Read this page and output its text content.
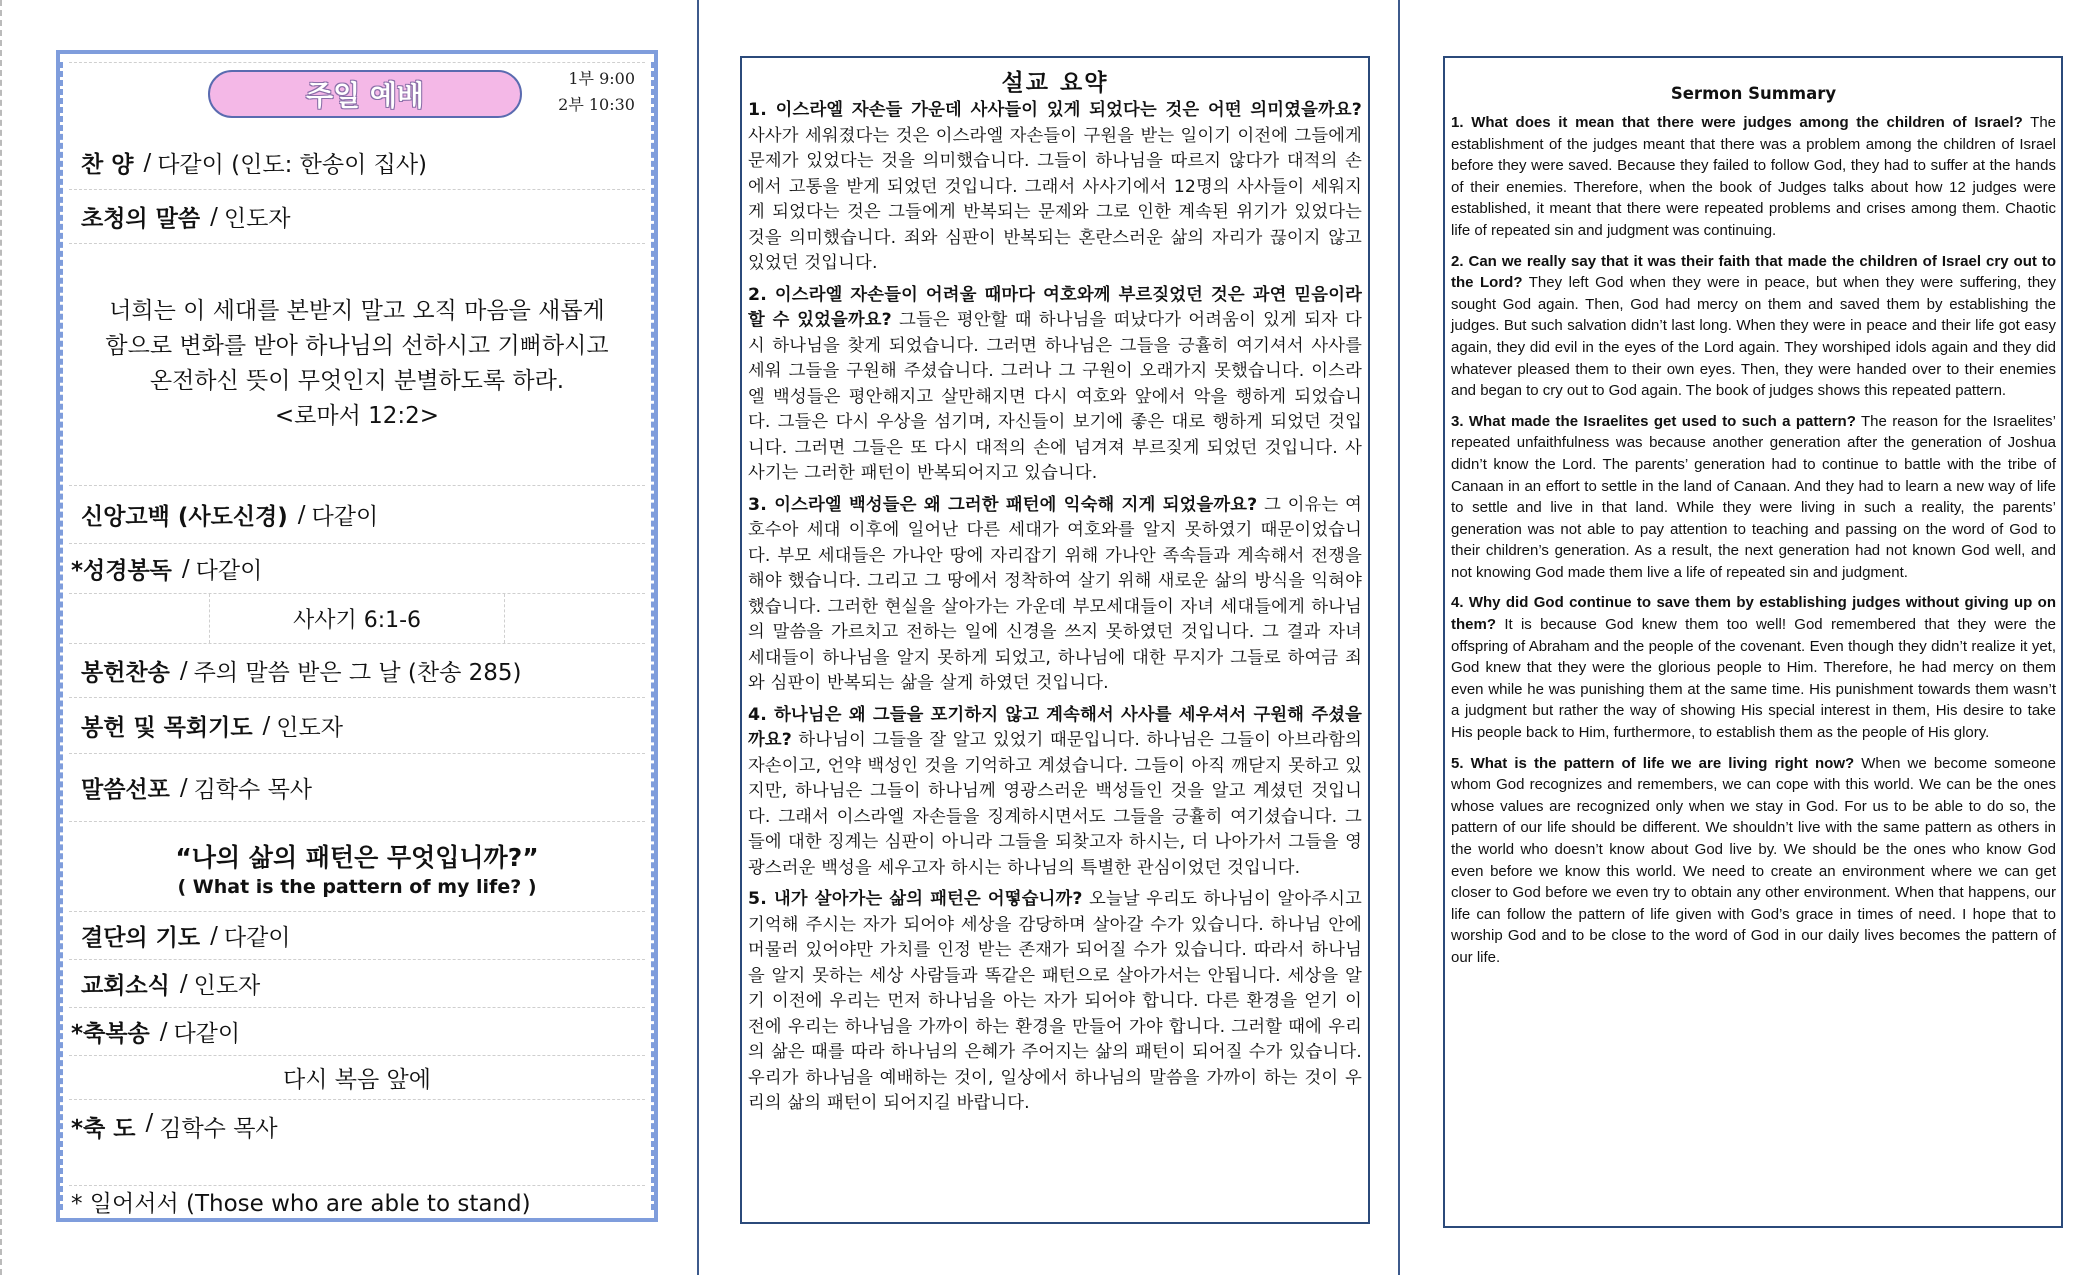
주일 예배
1부 9:00
2부 10:30
찬 양 / 다같이 (인도: 한송이 집사)
초청의 말씀 / 인도자
너희는 이 세대를 본받지 말고 오직 마음을 새롭게
함으로 변화를 받아 하나님의 선하시고 기뻐하시고
온전하신 뜻이 무엇인지 분별하도록 하라.
<로마서 12:2>
신앙고백 (사도신경) / 다같이
*성경봉독 / 다같이
사사기 6:1-6
봉헌찬송 / 주의 말씀 받은 그 날 (찬송 285)
봉헌 및 목회기도 / 인도자
말씀선포 / 김학수 목사
“나의 삶의 패턴은 무엇입니까?”
( What is the pattern of my life? )
결단의 기도 / 다같이
교회소식 / 인도자
*축복송 / 다같이
다시 복음 앞에
*축 도 / 김학수 목사
* 일어서서 (Those who are able to stand)
설교 요약

1. 이스라엘 자손들 가운데 사사들이 있게 되었다는 것은 어떤 의미였을까요? 사사가 세워졌다는 것은 이스라엘 자손들이 구원을 받는 일이기 이전에 그들에게 문제가 있었다는 것을 의미했습니다. 그들이 하나님을 따르지 않다가 대적의 손에서 고통을 받게 되었던 것입니다. 그래서 사사기에서 12명의 사사들이 세워지게 되었다는 것은 그들에게 반복되는 문제와 그로 인한 계속된 위기가 있었다는 것을 의미했습니다. 죄와 심판이 반복되는 혼란스러운 삶의 자리가 끊이지 않고 있었던 것입니다.

2. 이스라엘 자손들이 어려울 때마다 여호와께 부르짖었던 것은 과연 믿음이라 할 수 있었을까요? 그들은 평안할 때 하나님을 떠났다가 어려움이 있게 되자 다시 하나님을 찾게 되었습니다. 그러면 하나님은 그들을 긍휼히 여기셔서 사사를 세워 그들을 구원해 주셨습니다. 그러나 그 구원이 오래가지 못했습니다. 이스라엘 백성들은 평안해지고 살만해지면 다시 여호와 앞에서 악을 행하게 되었습니다. 그들은 다시 우상을 섬기며, 자신들이 보기에 좋은 대로 행하게 되었던 것입니다. 그러면 그들은 또 다시 대적의 손에 넘겨져 부르짖게 되었던 것입니다. 사사기는 그러한 패턴이 반복되어지고 있습니다.

3. 이스라엘 백성들은 왜 그러한 패턴에 익숙해 지게 되었을까요? 그 이유는 여호수아 세대 이후에 일어난 다른 세대가 여호와를 알지 못하였기 때문이었습니다. 부모 세대들은 가나안 땅에 자리잡기 위해 가나안 족속들과 계속해서 전쟁을 해야 했습니다. 그리고 그 땅에서 정착하여 살기 위해 새로운 삶의 방식을 익혀야 했습니다. 그러한 현실을 살아가는 가운데 부모세대들이 자녀 세대들에게 하나님의 말씀을 가르치고 전하는 일에 신경을 쓰지 못하였던 것입니다. 그 결과 자녀 세대들이 하나님을 알지 못하게 되었고, 하나님에 대한 무지가 그들로 하여금 죄와 심판이 반복되는 삶을 살게 하였던 것입니다.

4. 하나님은 왜 그들을 포기하지 않고 계속해서 사사를 세우셔서 구원해 주셨을까요? 하나님이 그들을 잘 알고 있었기 때문입니다. 하나님은 그들이 아브라함의 자손이고, 언약 백성인 것을 기억하고 계셨습니다. 그들이 아직 깨닫지 못하고 있지만, 하나님은 그들이 하나님께 영광스러운 백성들인 것을 알고 계셨던 것입니다. 그래서 이스라엘 자손들을 징계하시면서도 그들을 긍휼히 여기셨습니다. 그들에 대한 징계는 심판이 아니라 그들을 되찾고자 하시는, 더 나아가서 그들을 영광스러운 백성을 세우고자 하시는 하나님의 특별한 관심이었던 것입니다.

5. 내가 살아가는 삶의 패턴은 어떻습니까? 오늘날 우리도 하나님이 알아주시고 기억해 주시는 자가 되어야 세상을 감당하며 살아갈 수가 있습니다. 하나님 안에 머물러 있어야만 가치를 인정 받는 존재가 되어질 수가 있습니다. 따라서 하나님을 알지 못하는 세상 사람들과 똑같은 패턴으로 살아가서는 안됩니다. 세상을 알기 이전에 우리는 먼저 하나님을 아는 자가 되어야 합니다. 다른 환경을 얻기 이전에 우리는 하나님을 가까이 하는 환경을 만들어 가야 합니다. 그러할 때에 우리의 삶은 때를 따라 하나님의 은혜가 주어지는 삶의 패턴이 되어질 수가 있습니다. 우리가 하나님을 예배하는 것이, 일상에서 하나님의 말씀을 가까이 하는 것이 우리의 삶의 패턴이 되어지길 바랍니다.

Sermon Summary

1. What does it mean that there were judges among the children of Israel? The establishment of the judges meant that there was a problem among the children of Israel before they were saved. Because they failed to follow God, they had to suffer at the hands of their enemies. Therefore, when the book of Judges talks about how 12 judges were established, it meant that there were repeated problems and crises among them. Chaotic life of repeated sin and judgment was continuing.

2. Can we really say that it was their faith that made the children of Israel cry out to the Lord? They left God when they were in peace, but when they were suffering, they sought God again. Then, God had mercy on them and saved them by establishing the judges. But such salvation didn’t last long. When they were in peace and their life got easy again, they did evil in the eyes of the Lord again. They worshiped idols again and they did whatever pleased them to their own eyes. Then, they were handed over to their enemies and began to cry out to God again. The book of judges shows this repeated pattern.

3. What made the Israelites get used to such a pattern? The reason for the Israelites’ repeated unfaithfulness was because another generation after the generation of Joshua didn’t know the Lord. The parents’ generation had to continue to battle with the tribe of Canaan in an effort to settle in the land of Canaan. And they had to learn a new way of life to settle and live in that land. While they were living in such a reality, the parents’ generation was not able to pay attention to teaching and passing on the word of God to their children’s generation. As a result, the next generation had not known God well, and not knowing God made them live a life of repeated sin and judgment.

4. Why did God continue to save them by establishing judges without giving up on them? It is because God knew them too well! God remembered that they were the offspring of Abraham and the people of the covenant. Even though they didn’t realize it yet, God knew that they were the glorious people to Him. Therefore, he had mercy on them even while he was punishing them at the same time. His punishment towards them wasn’t a judgment but rather the way of showing His special interest in them, His desire to take His people back to Him, furthermore, to establish them as the people of His glory.

5. What is the pattern of life we are living right now? When we become someone whom God recognizes and remembers, we can cope with this world. We can be the ones whose values are recognized only when we stay in God. For us to be able to do so, the pattern of our life should be different. We shouldn’t live with the same pattern as others in the world who doesn’t know about God live by. We should be the ones who know God even before we know this world. We need to create an environment where we can get closer to God before we even try to obtain any other environment. When that happens, our life can follow the pattern of life given with God’s grace in times of need. I hope that to worship God and to be close to the word of God in our daily lives becomes the pattern of our life.
